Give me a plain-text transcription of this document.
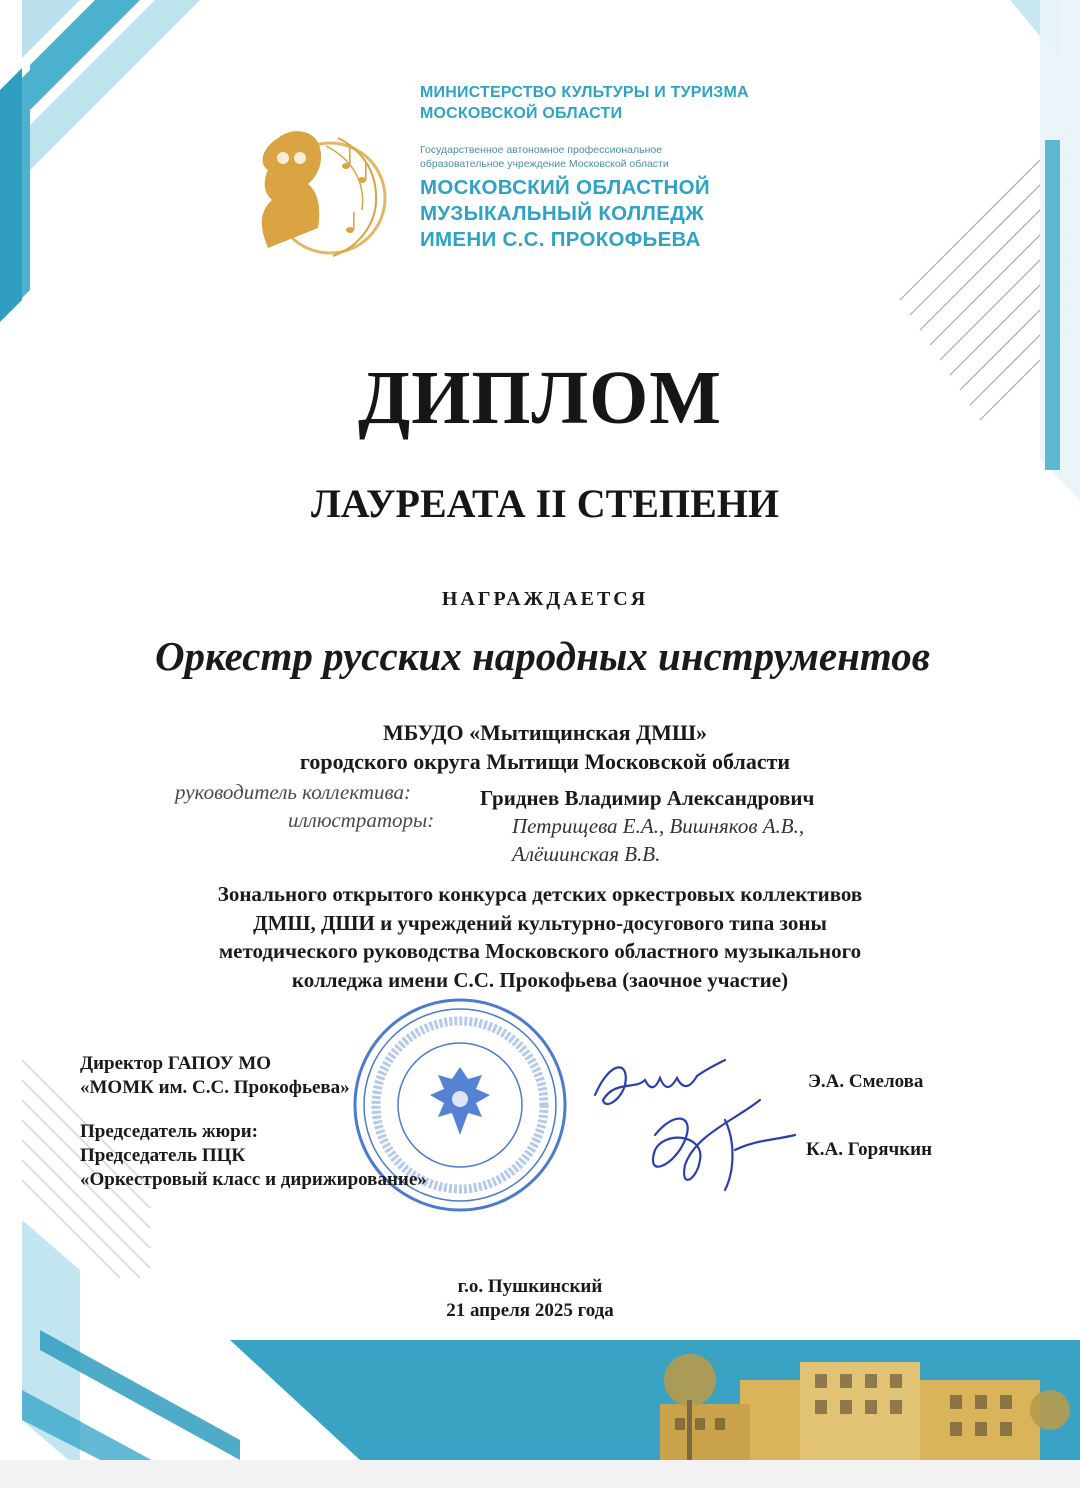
МИНИСТЕРСТВО КУЛЬТУРЫ И ТУРИЗМА
МОСКОВСКОЙ ОБЛАСТИ
Государственное автономное профессиональное
образовательное учреждение Московской области
МОСКОВСКИЙ ОБЛАСТНОЙ
МУЗЫКАЛЬНЫЙ КОЛЛЕДЖ
ИМЕНИ С.С. ПРОКОФЬЕВА
ДИПЛОМ
ЛАУРЕАТА II СТЕПЕНИ
НАГРАЖДАЕТСЯ
Оркестр русских народных инструментов
МБУДО «Мытищинская ДМШ»
городского округа Мытищи Московской области
руководитель коллектива:	Гриднев Владимир Александрович
иллюстраторы:	Петрищева Е.А., Вишняков А.В.,
Алёшинская В.В.
Зонального открытого конкурса детских оркестровых коллективов
ДМШ, ДШИ и учреждений культурно-досугового типа зоны
методического руководства Московского областного музыкального
колледжа имени С.С. Прокофьева (заочное участие)
Директор ГАПОУ МО
«МОМК им. С.С. Прокофьева»	Э.А. Смелова
Председатель жюри:
Председатель ПЦК
«Оркестровый класс и дирижирование»
К.А. Горячкин
г.о. Пушкинский
21 апреля 2025 года
